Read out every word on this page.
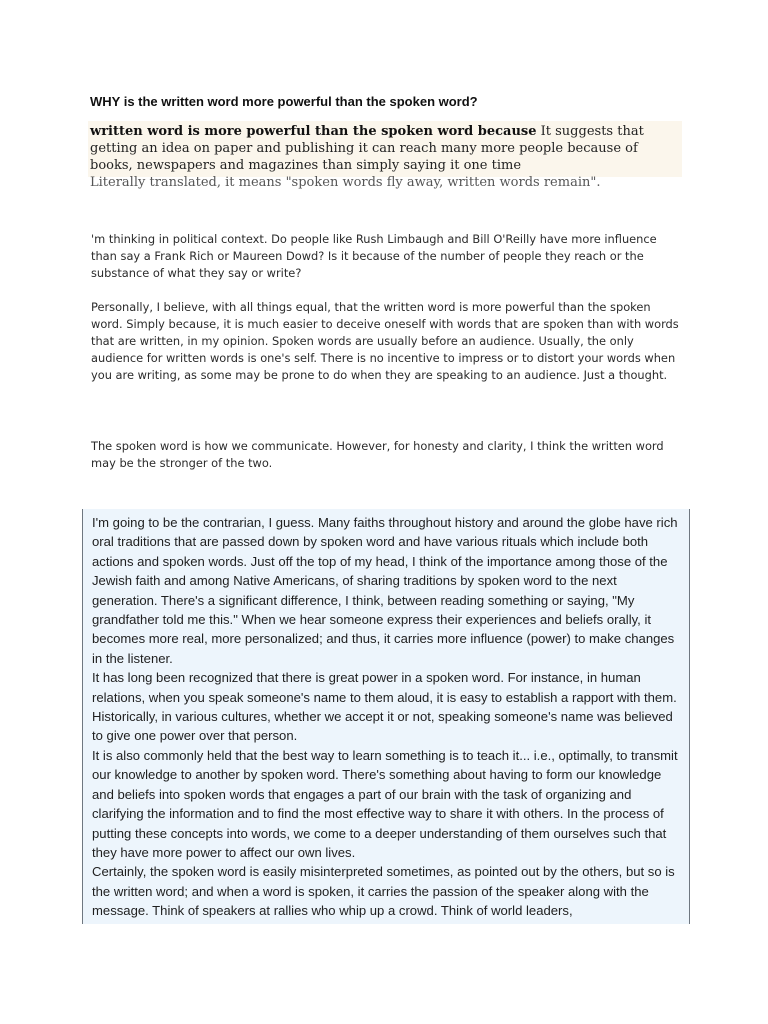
WHY is the written word more powerful than the spoken word?
written word is more powerful than the spoken word because It suggests that getting an idea on paper and publishing it can reach many more people because of books, newspapers and magazines than simply saying it one time
Literally translated, it means "spoken words fly away, written words remain".
'm thinking in political context. Do people like Rush Limbaugh and Bill O'Reilly have more influence than say a Frank Rich or Maureen Dowd? Is it because of the number of people they reach or the substance of what they say or write?
Personally, I believe, with all things equal, that the written word is more powerful than the spoken word. Simply because, it is much easier to deceive oneself with words that are spoken than with words that are written, in my opinion. Spoken words are usually before an audience. Usually, the only audience for written words is one's self. There is no incentive to impress or to distort your words when you are writing, as some may be prone to do when they are speaking to an audience. Just a thought.
The spoken word is how we communicate. However, for honesty and clarity, I think the written word may be the stronger of the two.

I'm going to be the contrarian, I guess. Many faiths throughout history and around the globe have rich oral traditions that are passed down by spoken word and have various rituals which include both actions and spoken words. Just off the top of my head, I think of the importance among those of the Jewish faith and among Native Americans, of sharing traditions by spoken word to the next generation. There's a significant difference, I think, between reading something or saying, "My grandfather told me this." When we hear someone express their experiences and beliefs orally, it becomes more real, more personalized; and thus, it carries more influence (power) to make changes in the listener.

It has long been recognized that there is great power in a spoken word. For instance, in human relations, when you speak someone's name to them aloud, it is easy to establish a rapport with them. Historically, in various cultures, whether we accept it or not, speaking someone's name was believed to give one power over that person.

It is also commonly held that the best way to learn something is to teach it... i.e., optimally, to transmit our knowledge to another by spoken word. There's something about having to form our knowledge and beliefs into spoken words that engages a part of our brain with the task of organizing and clarifying the information and to find the most effective way to share it with others. In the process of putting these concepts into words, we come to a deeper understanding of them ourselves such that they have more power to affect our own lives.

Certainly, the spoken word is easily misinterpreted sometimes, as pointed out by the others, but so is the written word; and when a word is spoken, it carries the passion of the speaker along with the message. Think of speakers at rallies who whip up a crowd. Think of world leaders,
